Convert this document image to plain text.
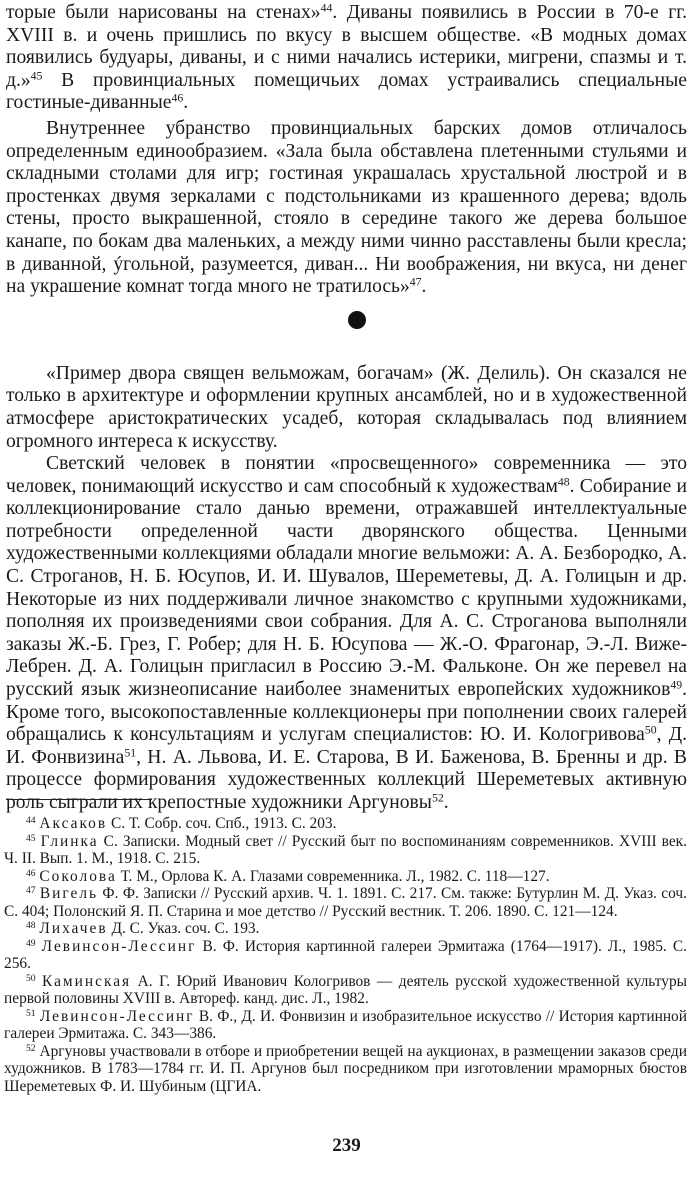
торые были нарисованы на стенах»$^{44}$. Диваны появились в России в 70-е гг. XVIII в. и очень пришлись по вкусу в высшем обществе. «В модных домах появились будуары, диваны, и с ними начались истерики, мигрени, спазмы и т. д.»$^{45}$ В провинциальных помещичьих домах устраивались специальные гостиные-диванные$^{46}$.

Внутреннее убранство провинциальных барских домов отличалось определенным единообразием. «Зала была обставлена плетенными стульями и складными столами для игр; гостиная украшалась хрустальной люстрой и в простенках двумя зеркалами с подстольниками из крашенного дерева; вдоль стены, просто выкрашенной, стояло в середине такого же дерева большое канапе, по бокам два маленьких, а между ними чинно расставлены были кресла; в диванной, ýгольной, разумеется, диван... Ни воображения, ни вкуса, ни денег на украшение комнат тогда много не тратилось»$^{47}$.

«Пример двора священ вельможам, богачам» (Ж. Делиль). Он сказался не только в архитектуре и оформлении крупных ансамблей, но и в художественной атмосфере аристократических усадеб, которая складывалась под влиянием огромного интереса к искусству.

Светский человек в понятии «просвещенного» современника — это человек, понимающий искусство и сам способный к художествам$^{48}$. Собирание и коллекционирование стало данью времени, отражавшей интеллектуальные потребности определенной части дворянского общества. Ценными художественными коллекциями обладали многие вельможи: А. А. Безбородко, А. С. Строганов, Н. Б. Юсупов, И. И. Шувалов, Шереметевы, Д. А. Голицын и др. Некоторые из них поддерживали личное знакомство с крупными художниками, пополняя их произведениями свои собрания. Для А. С. Строганова выполняли заказы Ж.-Б. Грез, Г. Робер; для Н. Б. Юсупова — Ж.-О. Фрагонар, Э.-Л. Виже-Лебрен. Д. А. Голицын пригласил в Россию Э.-М. Фальконе. Он же перевел на русский язык жизнеописание наиболее знаменитых европейских художников$^{49}$. Кроме того, высокопоставленные коллекционеры при пополнении своих галерей обращались к консультациям и услугам специалистов: Ю. И. Кологривова$^{50}$, Д. И. Фонвизина$^{51}$, Н. А. Львова, И. Е. Старова, В И. Баженова, В. Бренны и др. В процессе формирования художественных коллекций Шереметевых активную роль сыграли их крепостные художники Аргуновы$^{52}$.

$^{44}$ Аксаков С. Т. Собр. соч. Спб., 1913. С. 203.

$^{45}$ Глинка С. Записки. Модный свет // Русский быт по воспоминаниям современников. XVIII век. Ч. II. Вып. 1. М., 1918. С. 215.

$^{46}$ Соколова Т. М., Орлова К. А. Глазами современника. Л., 1982. С. 118—127.

$^{47}$ Вигель Ф. Ф. Записки // Русский архив. Ч. 1. 1891. С. 217. См. также: Бутурлин М. Д. Указ. соч. С. 404; Полонский Я. П. Старина и мое детство // Русский вестник. Т. 206. 1890. С. 121—124.

$^{48}$ Лихачев Д. С. Указ. соч. С. 193.

$^{49}$ Левинсон-Лессинг В. Ф. История картинной галереи Эрмитажа (1764—1917). Л., 1985. С. 256.

$^{50}$ Каминская А. Г. Юрий Иванович Кологривов — деятель русской художественной культуры первой половины XVIII в. Автореф. канд. дис. Л., 1982.

$^{51}$ Левинсон-Лессинг В. Ф., Д. И. Фонвизин и изобразительное искусство // История картинной галереи Эрмитажа. С. 343—386.

$^{52}$ Аргуновы участвовали в отборе и приобретении вещей на аукционах, в размещении заказов среди художников. В 1783—1784 гг. И. П. Аргунов был посредником при изготовлении мраморных бюстов Шереметевых Ф. И. Шубиным (ЦГИА.

239
